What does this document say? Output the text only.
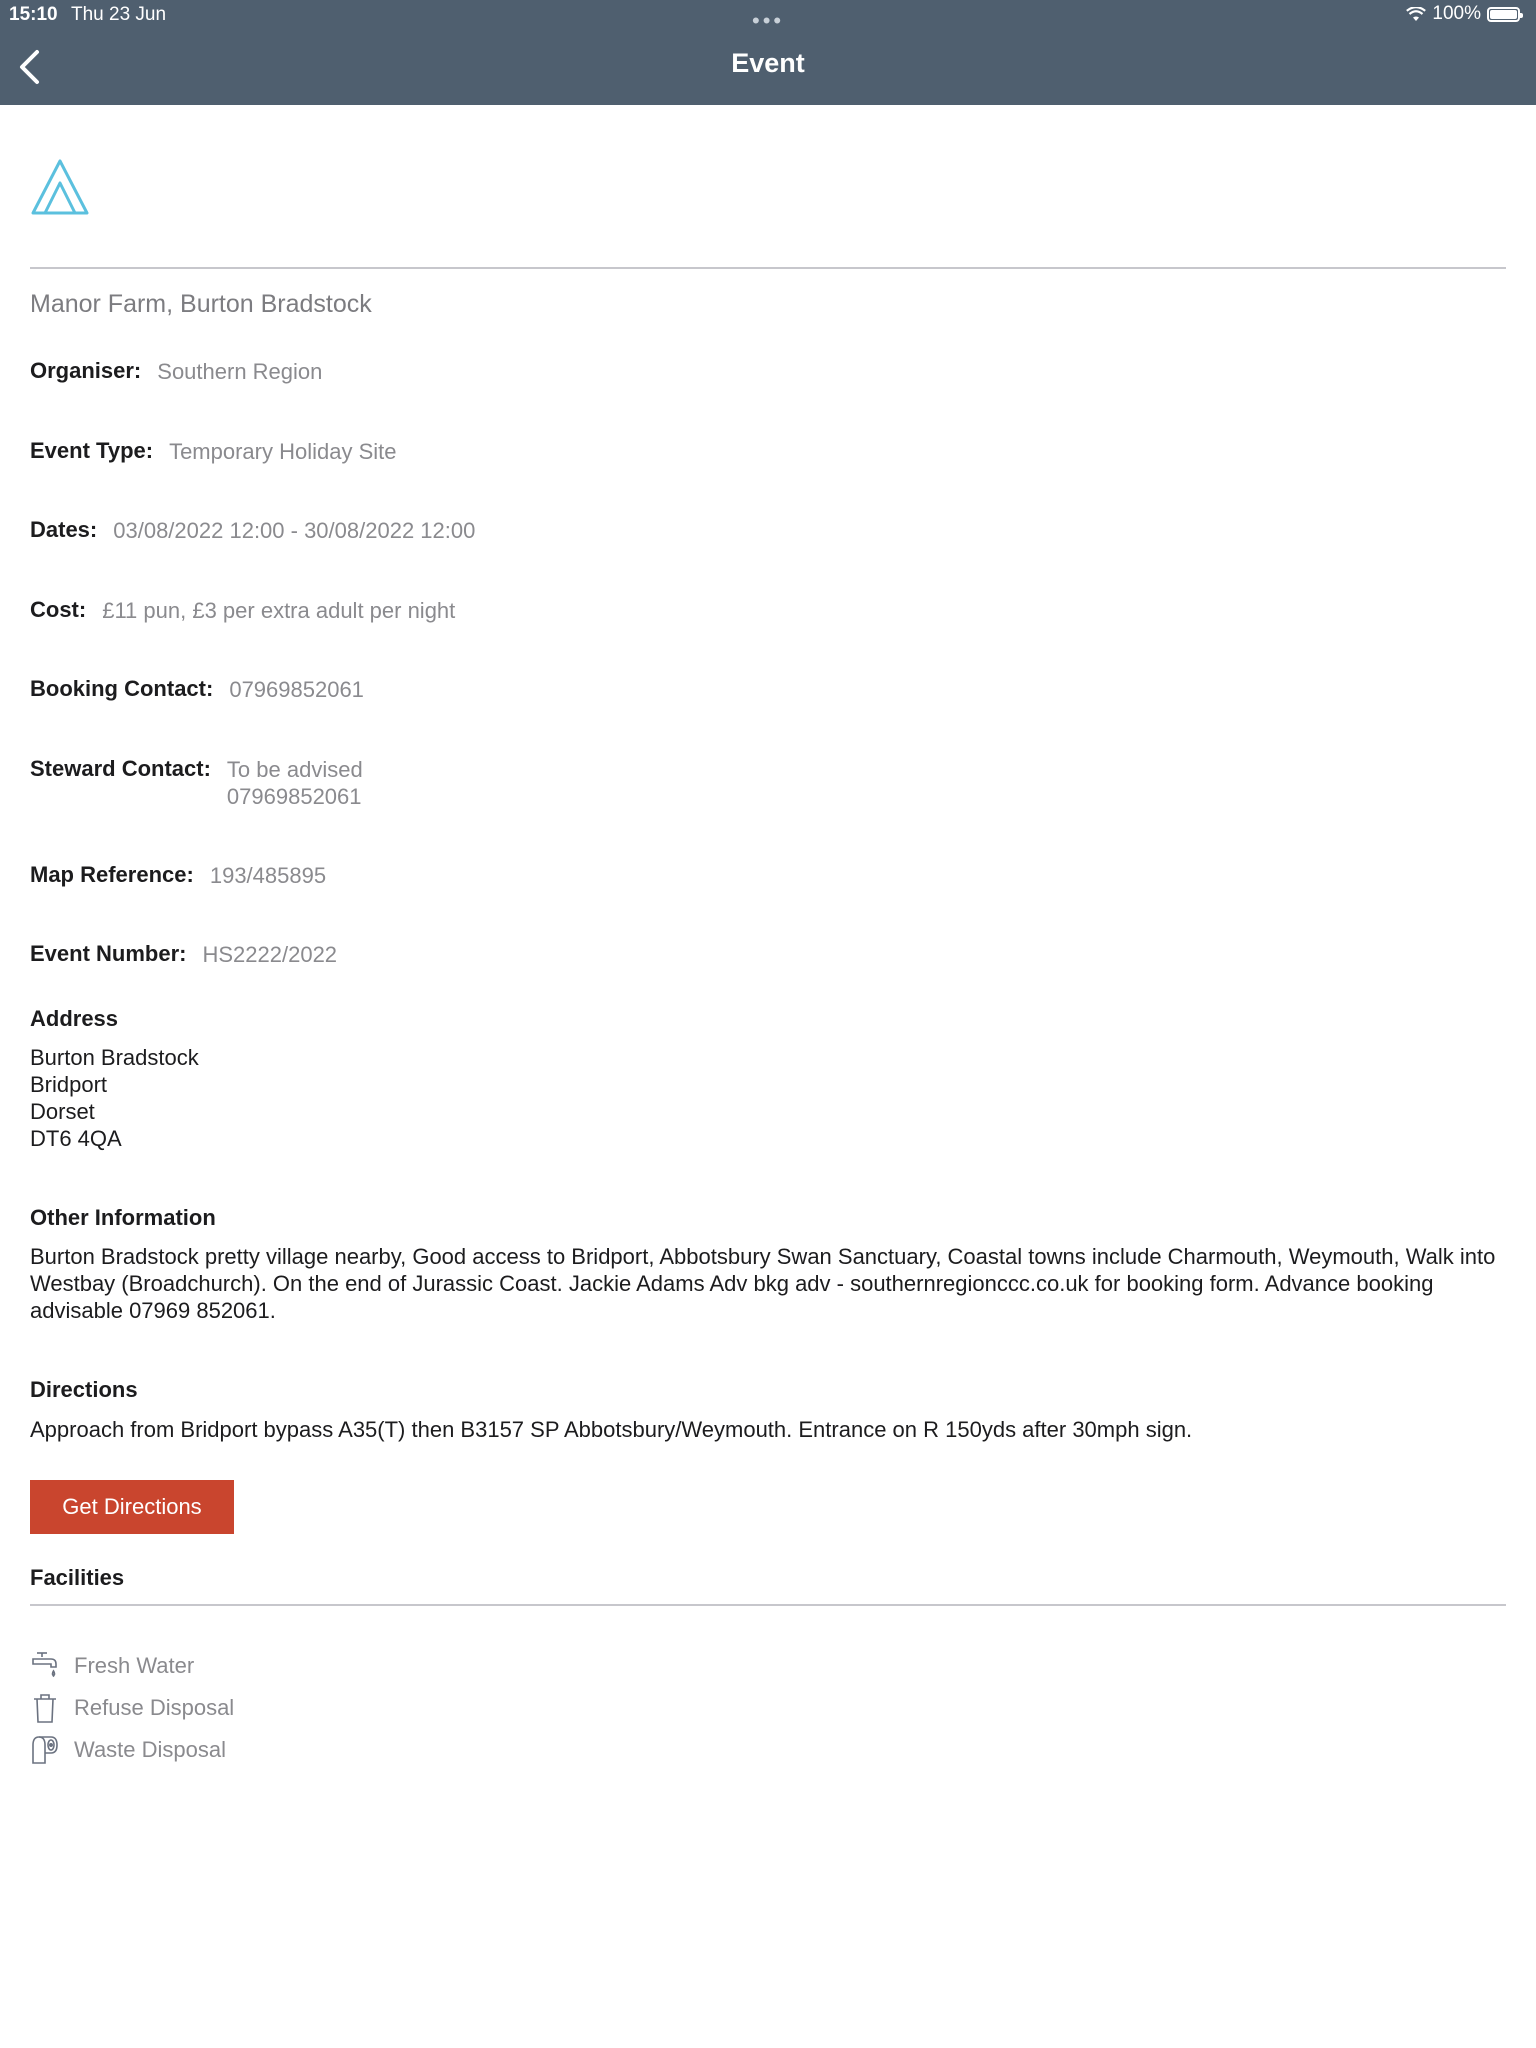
15:10 Thu 23 Jun	•••	100%
Event
Manor Farm, Burton Bradstock
Organiser: Southern Region
Event Type: Temporary Holiday Site
Dates: 03/08/2022 12:00 - 30/08/2022 12:00
Cost: £11 pun, £3 per extra adult per night
Booking Contact: 07969852061
Steward Contact: To be advised
07969852061
Map Reference: 193/485895
Event Number: HS2222/2022
Address
Burton Bradstock
Bridport
Dorset
DT6 4QA
Other Information
Burton Bradstock pretty village nearby, Good access to Bridport, Abbotsbury Swan Sanctuary, Coastal towns include Charmouth, Weymouth, Walk into Westbay (Broadchurch). On the end of Jurassic Coast. Jackie Adams Adv bkg adv - southernregionccc.co.uk for booking form. Advance booking advisable 07969 852061.
Directions
Approach from Bridport bypass A35(T) then B3157 SP Abbotsbury/Weymouth. Entrance on R 150yds after 30mph sign.
Get Directions
Facilities
Fresh Water
Refuse Disposal
Waste Disposal
